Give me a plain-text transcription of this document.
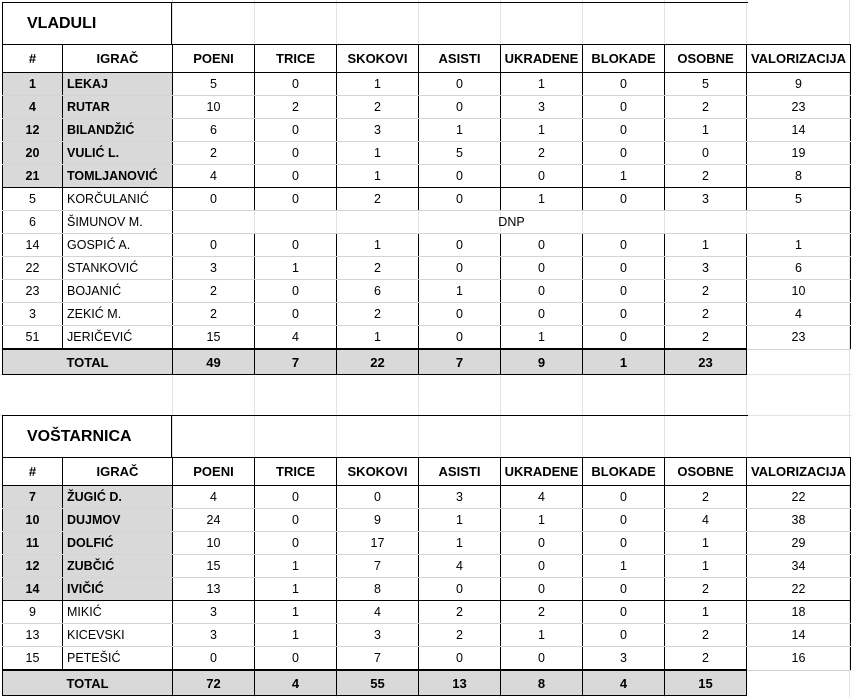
VLADULI
#	IGRAČ	POENI	TRICE	SKOKOVI	ASISTI	UKRADENE	BLOKADE	OSOBNE	VALORIZACIJA
1	LEKAJ	5	0	1	0	1	0	5	9
4	RUTAR	10	2	2	0	3	0	2	23
12	BILANDŽIĆ	6	0	3	1	1	0	1	14
20	VULIĆ L.	2	0	1	5	2	0	0	19
21	TOMLJANOVIĆ	4	0	1	0	0	1	2	8
5	KORČULANIĆ	0	0	2	0	1	0	3	5
6	ŠIMUNOV M.	DNP							
14	GOSPIĆ A.	0	0	1	0	0	0	1	1
22	STANKOVIĆ	3	1	2	0	0	0	3	6
23	BOJANIĆ	2	0	6	1	0	0	2	10
3	ZEKIĆ M.	2	0	2	0	0	0	2	4
51	JERIČEVIĆ	15	4	1	0	1	0	2	23
TOTAL		49	7	22	7	9	1	23	
VOŠTARNICA
#	IGRAČ	POENI	TRICE	SKOKOVI	ASISTI	UKRADENE	BLOKADE	OSOBNE	VALORIZACIJA
7	ŽUGIĆ D.	4	0	0	3	4	0	2	22
10	DUJMOV	24	0	9	1	1	0	4	38
11	DOLFIĆ	10	0	17	1	0	0	1	29
12	ZUBČIĆ	15	1	7	4	0	1	1	34
14	IVIČIĆ	13	1	8	0	0	0	2	22
9	MIKIĆ	3	1	4	2	2	0	1	18
13	KICEVSKI	3	1	3	2	1	0	2	14
15	PETEŠIĆ	0	0	7	0	0	3	2	16
TOTAL		72	4	55	13	8	4	15	
